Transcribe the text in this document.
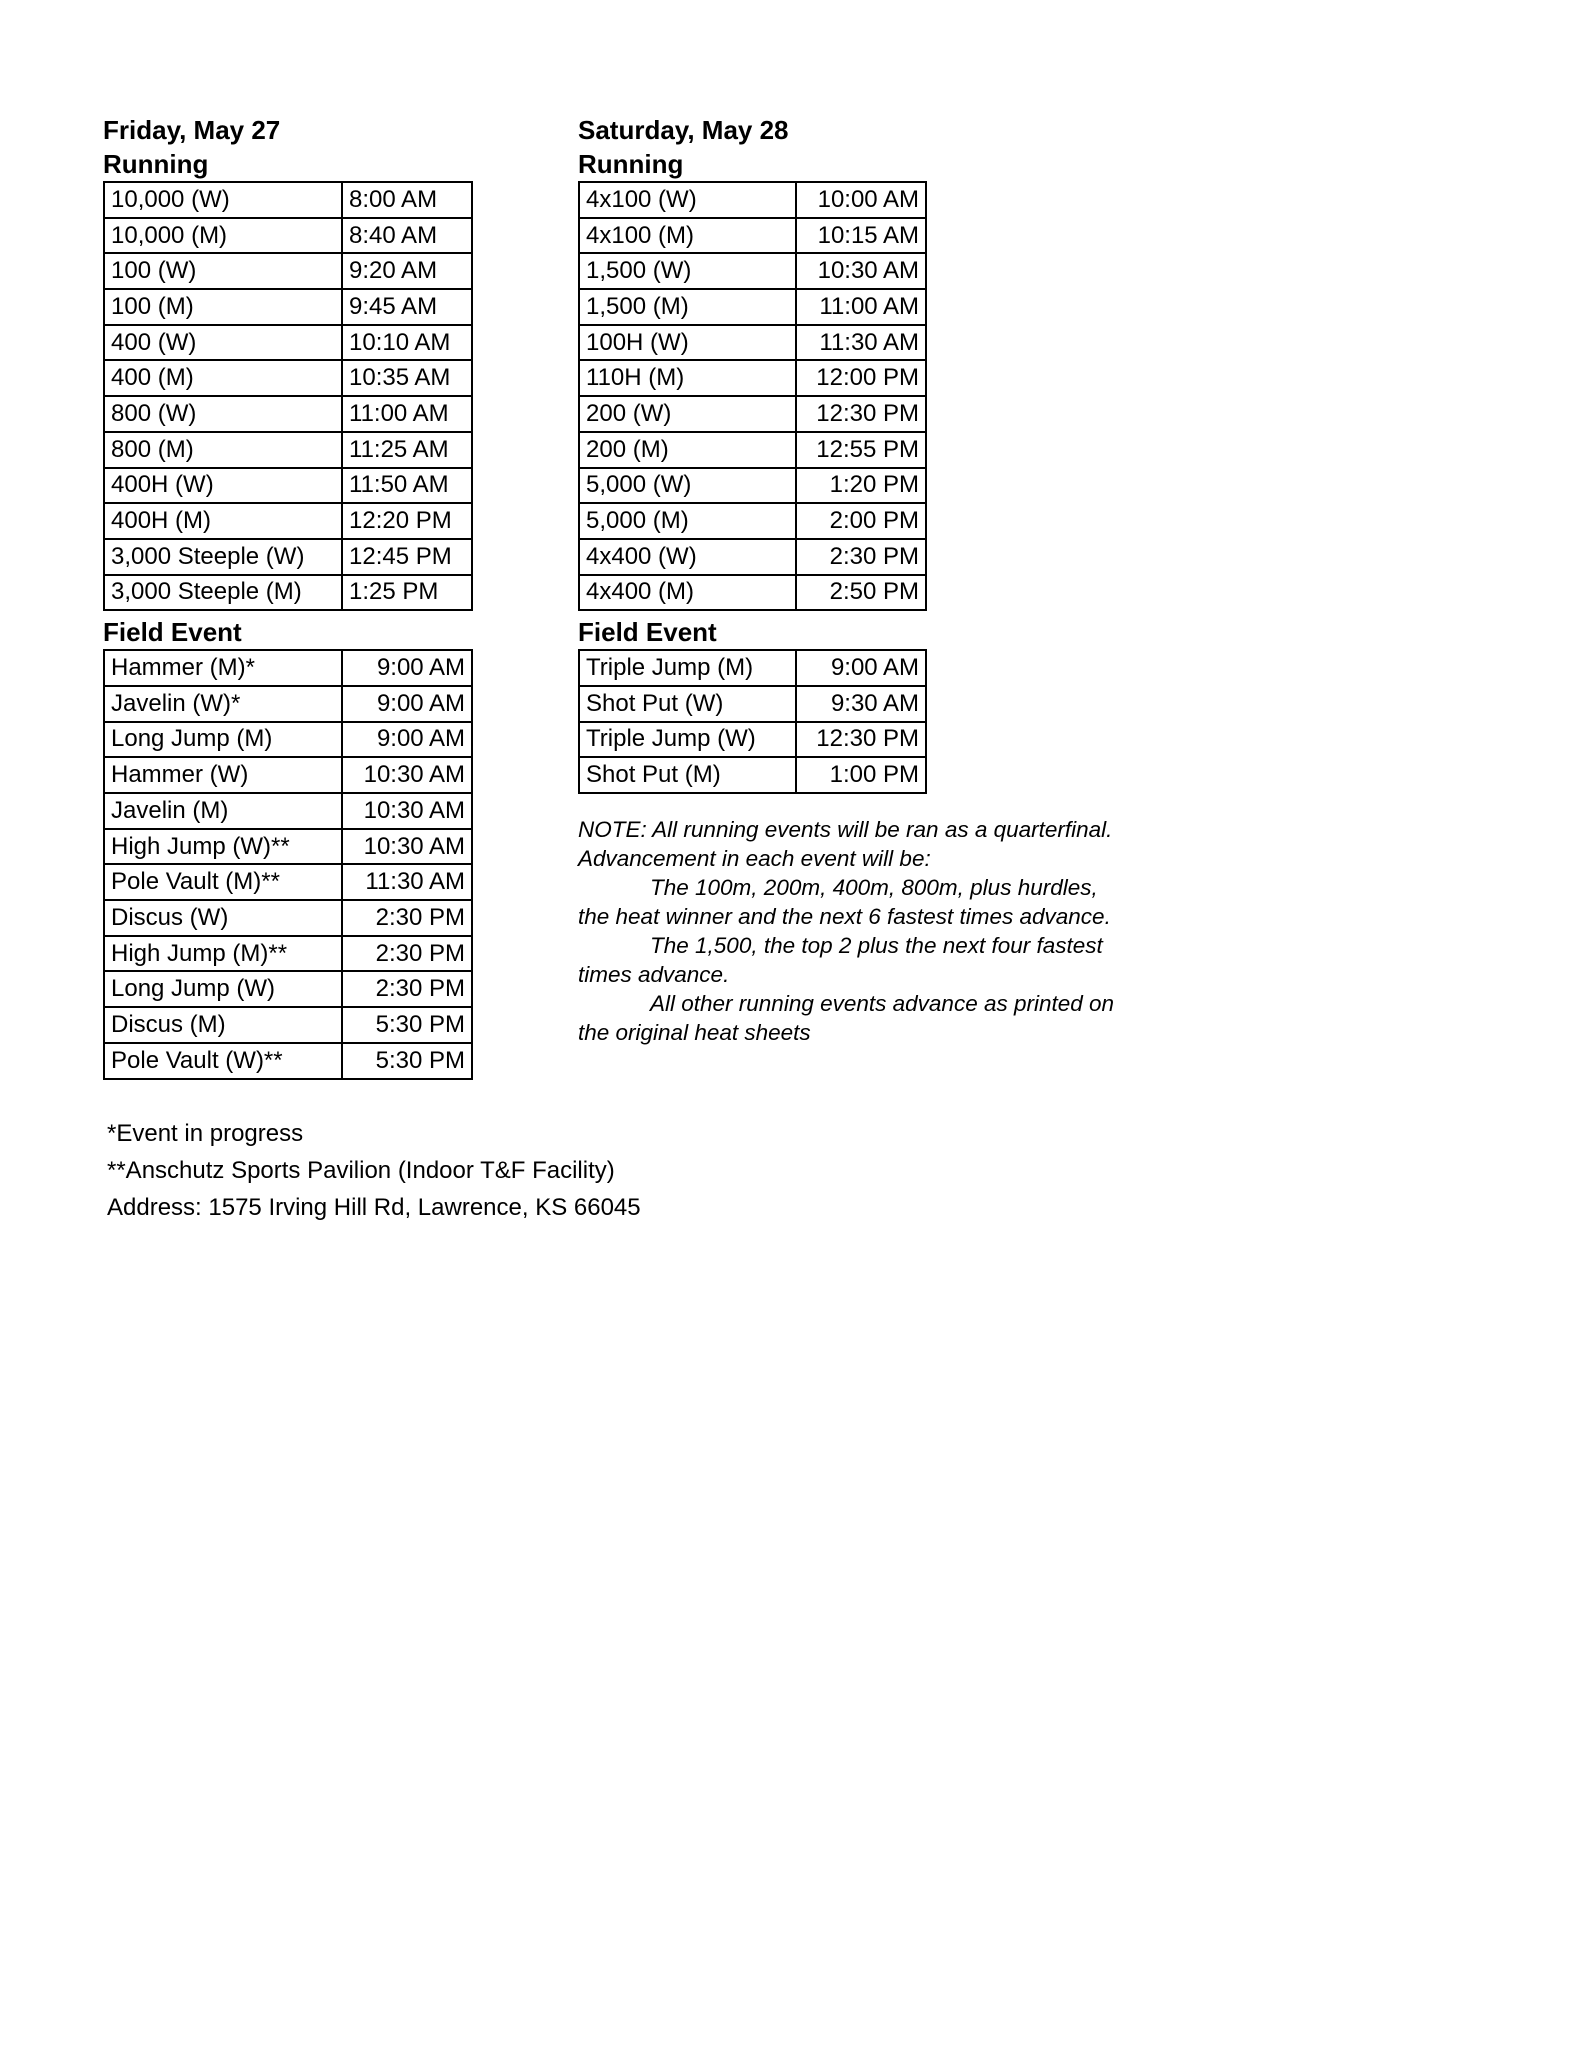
Friday, May 27
Running
10,000 (W)	8:00 AM
10,000 (M)	8:40 AM
100 (W)	9:20 AM
100 (M)	9:45 AM
400 (W)	10:10 AM
400 (M)	10:35 AM
800 (W)	11:00 AM
800 (M)	11:25 AM
400H (W)	11:50 AM
400H (M)	12:20 PM
3,000 Steeple (W)	12:45 PM
3,000 Steeple (M)	1:25 PM
Field Event
Hammer (M)*	9:00 AM
Javelin (W)*	9:00 AM
Long Jump (M)	9:00 AM
Hammer (W)	10:30 AM
Javelin (M)	10:30 AM
High Jump (W)**	10:30 AM
Pole Vault (M)**	11:30 AM
Discus (W)	2:30 PM
High Jump (M)**	2:30 PM
Long Jump (W)	2:30 PM
Discus (M)	5:30 PM
Pole Vault (W)**	5:30 PM
Saturday, May 28
Running
4x100 (W)	10:00 AM
4x100 (M)	10:15 AM
1,500 (W)	10:30 AM
1,500 (M)	11:00 AM
100H (W)	11:30 AM
110H (M)	12:00 PM
200 (W)	12:30 PM
200 (M)	12:55 PM
5,000 (W)	1:20 PM
5,000 (M)	2:00 PM
4x400 (W)	2:30 PM
4x400 (M)	2:50 PM
Field Event
Triple Jump (M)	9:00 AM
Shot Put (W)	9:30 AM
Triple Jump (W)	12:30 PM
Shot Put (M)	1:00 PM

NOTE: All running events will be ran as a quarterfinal. Advancement in each event will be:

The 100m, 200m, 400m, 800m, plus hurdles, the heat winner and the next 6 fastest times advance.

The 1,500, the top 2 plus the next four fastest times advance.

All other running events advance as printed on the original heat sheets

*Event in progress
**Anschutz Sports Pavilion (Indoor T&F Facility)
Address: 1575 Irving Hill Rd, Lawrence, KS 66045
